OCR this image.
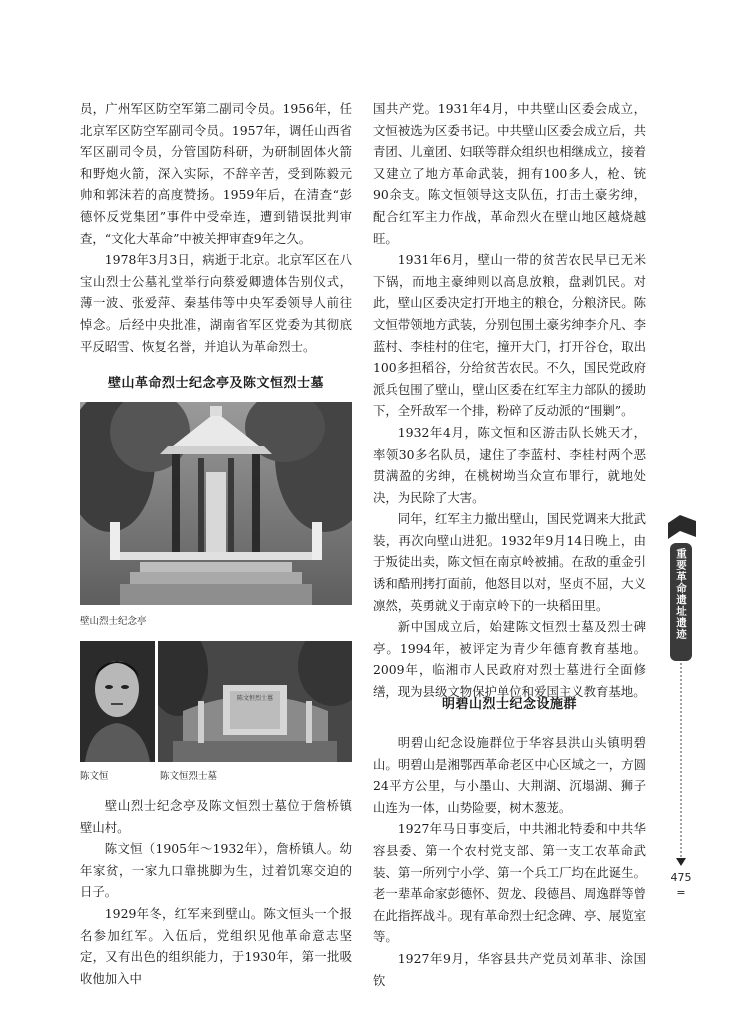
员，广州军区防空军第二副司令员。1956年，任北京军区防空军副司令员。1957年，调任山西省军区副司令员，分管国防科研，为研制固体火箭和野炮火箭，深入实际，不辞辛苦，受到陈毅元帅和郭沫若的高度赞扬。1959年后，在清查“彭德怀反党集团”事件中受牵连，遭到错误批判审查，“文化大革命”中被关押审查9年之久。

1978年3月3日，病逝于北京。北京军区在八宝山烈士公墓礼堂举行向蔡爱卿遗体告别仪式，薄一波、张爱萍、秦基伟等中央军委领导人前往悼念。后经中央批准，湖南省军区党委为其彻底平反昭雪、恢复名誉，并追认为革命烈士。

壁山革命烈士纪念亭及陈文恒烈士墓
壁山烈士纪念亭
陈文恒烈士墓
陈文恒	陈文恒烈士墓

壁山烈士纪念亭及陈文恒烈士墓位于詹桥镇壁山村。

陈文恒（1905年～1932年），詹桥镇人。幼年家贫，一家九口靠挑脚为生，过着饥寒交迫的日子。

1929年冬，红军来到壁山。陈文恒头一个报名参加红军。入伍后，党组织见他革命意志坚定，又有出色的组织能力，于1930年，第一批吸收他加入中

国共产党。1931年4月，中共壁山区委会成立，文恒被选为区委书记。中共壁山区委会成立后，共青团、儿童团、妇联等群众组织也相继成立，接着又建立了地方革命武装，拥有100多人，枪、铳90余支。陈文恒领导这支队伍，打击土豪劣绅，配合红军主力作战，革命烈火在壁山地区越烧越旺。

1931年6月，壁山一带的贫苦农民早已无米下锅，而地主豪绅则以高息放粮，盘剥饥民。对此，壁山区委决定打开地主的粮仓，分粮济民。陈文恒带领地方武装，分别包围土豪劣绅李介凡、李蓝村、李桂村的住宅，撞开大门，打开谷仓，取出100多担稻谷，分给贫苦农民。不久，国民党政府派兵包围了壁山，壁山区委在红军主力部队的援助下，全歼敌军一个排，粉碎了反动派的“围剿”。

1932年4月，陈文恒和区游击队长姚天才，率领30多名队员，逮住了李蓝村、李桂村两个恶贯满盈的劣绅，在桃树坳当众宣布罪行，就地处决，为民除了大害。

同年，红军主力撤出壁山，国民党调来大批武装，再次向壁山进犯。1932年9月14日晚上，由于叛徒出卖，陈文恒在南京岭被捕。在敌的重金引诱和酷刑拷打面前，他怒目以对，坚贞不屈，大义凛然，英勇就义于南京岭下的一块稻田里。

新中国成立后，始建陈文恒烈士墓及烈士碑亭。1994年，被评定为青少年德育教育基地。2009年，临湘市人民政府对烈士墓进行全面修缮，现为县级文物保护单位和爱国主义教育基地。

明碧山烈士纪念设施群

明碧山纪念设施群位于华容县洪山头镇明碧山。明碧山是湘鄂西革命老区中心区域之一，方圆24平方公里，与小墨山、大荆湖、沉塌湖、狮子山连为一体，山势险要，树木葱茏。

1927年马日事变后，中共湘北特委和中共华容县委、第一个农村党支部、第一支工农革命武装、第一所列宁小学、第一个兵工厂均在此诞生。老一辈革命家彭德怀、贺龙、段德昌、周逸群等曾在此指挥战斗。现有革命烈士纪念碑、亭、展览室等。

1927年9月，华容县共产党员刘革非、涂国钦

重要革命遗址遗迹
475
=
